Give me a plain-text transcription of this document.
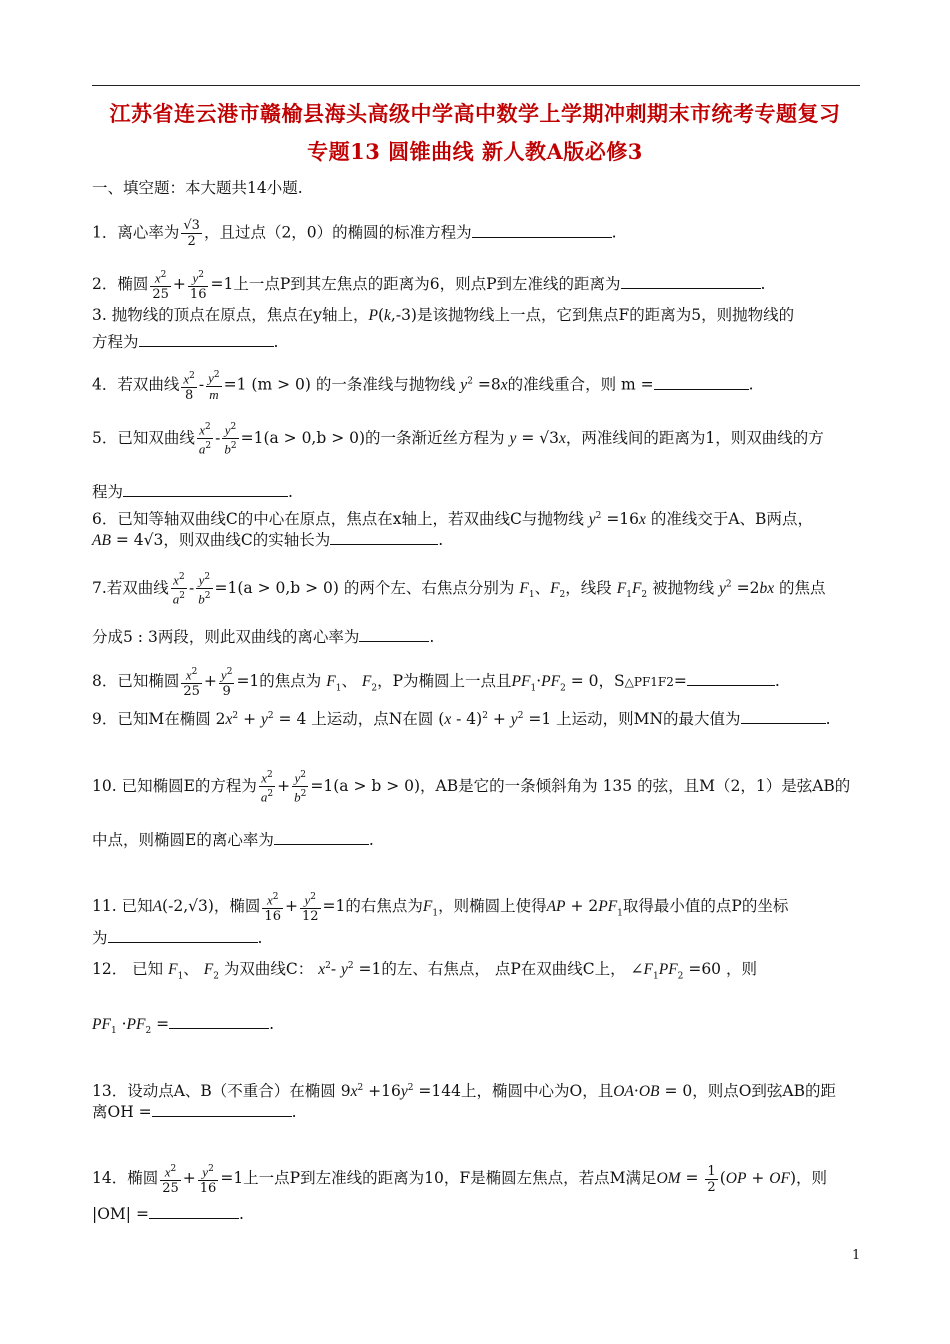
江苏省连云港市赣榆县海头高级中学高中数学上学期冲刺期末市统考专题复习
专题13 圆锥曲线 新人教A版必修3
一、填空题：本大题共14小题.
1．离心率为 $\frac{√3}{2}$ ，且过点（2，0）的椭圆的标准方程为	.
2．椭圆 $\frac{x^2}{25} + \frac{y^2}{16} =1$上一点P到其左焦点的距离为6，则点P到左准线的距离为	.
3. 抛物线的顶点在原点，焦点在y轴上，P(k,-3)是该抛物线上一点，它到焦点F的距离为5，则抛物线的
方程为	.
4．若双曲线 $\frac{x^2}{8} - \frac{y^2}{m} =1$ (m > 0) 的一条准线与抛物线 $y^2 =8x$的准线重合，则 m =	.
5．已知双曲线 $\frac{x^2}{a^2} - \frac{y^2}{b^2} =1(a > 0,b > 0)$的一条渐近丝方程为 y = √3x，两准线间的距离为1，则双曲线的方
程为	.
6．已知等轴双曲线C的中心在原点，焦点在x轴上，若双曲线C与抛物线 $y^2 =16x$ 的准线交于A、B两点，
AB = 4√3，则双曲线C的实轴长为	.
7.若双曲线 $\frac{x^2}{a^2} - \frac{y^2}{b^2} =1(a > 0,b > 0)$ 的两个左、右焦点分别为 $F_1$、$F_2$，线段 $F_1F_2$ 被抛物线 $y^2 =2bx$ 的焦点
分成5 : 3两段，则此双曲线的离心率为	.
8．已知椭圆 $\frac{x^2}{25} + \frac{y^2}{9} =1$的焦点为 $F_1$、 $F_2$，P为椭圆上一点且$PF_1\cdot PF_2 = 0$，S△PF1F2=	.
9．已知M在椭圆 $2x^2 + y^2 = 4$ 上运动，点N在圆 $(x - 4)^2 + y^2 =1$ 上运动，则MN的最大值为	.
10. 已知椭圆E的方程为 $\frac{x^2}{a^2} + \frac{y^2}{b^2} =1(a > b > 0)$，AB是它的一条倾斜角为 135 的弦，且M（2，1）是弦AB的
中点，则椭圆E的离心率为	.
11. 已知A(-2,√3)，椭圆 $\frac{x^2}{16} + \frac{y^2}{12} =1$的右焦点为$F_1$，则椭圆上使得AP + $2PF_1$取得最小值的点P的坐标
为	.
12． 已知 $F_1$、 $F_2$ 为双曲线C： $x^2-$ $y^2 =1$的左、右焦点， 点P在双曲线C上， $\angle F_1PF_2 =60$ ，则
$PF_1 \cdot PF_2$ =	.
13．设动点A、B（不重合）在椭圆 $9x^2 +16y^2 =144$上，椭圆中心为O，且OA·OB = 0，则点O到弦AB的距
离OH =	.
14．椭圆 $\frac{x^2}{25} + \frac{y^2}{16} =1$上一点P到左准线的距离为10，F是椭圆左焦点，若点M满足OM = $\frac{1}{2} (OP + OF)$，则
|OM| =	.
1
